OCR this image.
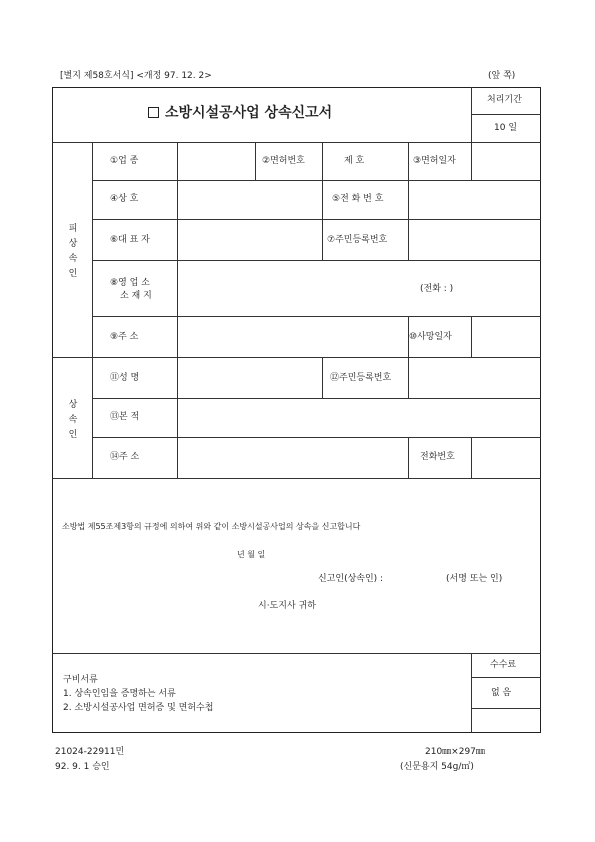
[별지 제58호서식] <개정 97. 12. 2>	(앞 쪽)
소방시설공사업 상속신고서
처리기간
10 일
피
상
속
인
①업 종	②면허번호	제 호	③면허일자
④상 호	⑤전 화 번 호
⑥대 표 자	⑦주민등록번호
⑧영 업 소
소 재 지
(전화 : )
⑨주 소	⑩사망일자
상
속
인
⑪성 명	⑫주민등록번호
⑬본 적
⑭주 소	전화번호
소방법 제55조제3항의 규정에 의하여 위와 같이 소방시설공사업의 상속을 신고합니다
년 월 일
신고인(상속인) :	(서명 또는 인)
시·도지사 귀하
구비서류
1. 상속인임을 증명하는 서류
2. 소방시설공사업 면허증 및 면허수첩
수수료
없 음
21024-22911민
92. 9. 1 승인
210㎜×297㎜
(신문용지 54g/㎡)
